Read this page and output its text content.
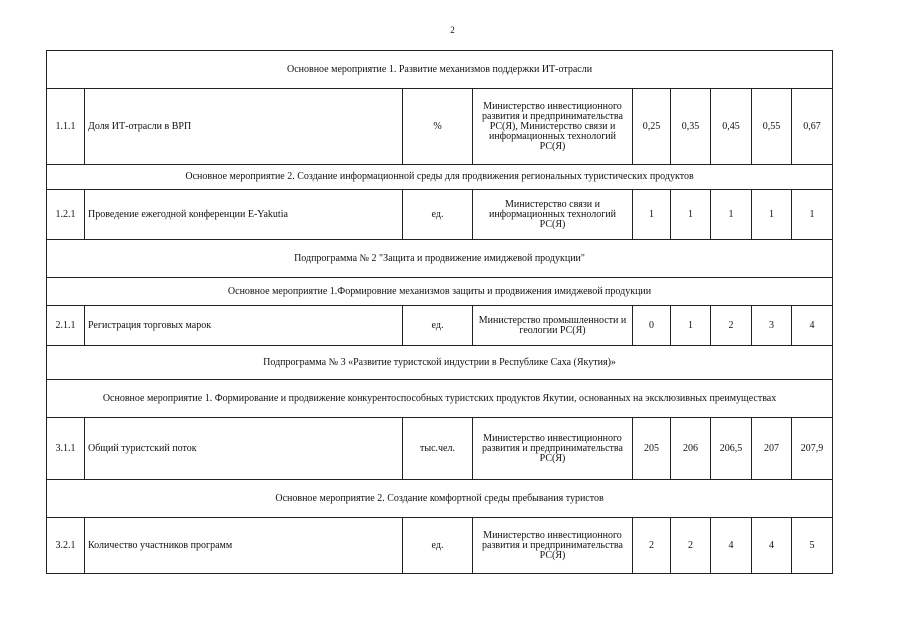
2
Основное мероприятие 1. Развитие механизмов поддержки ИТ-отрасли								
1.1.1	Доля ИТ-отрасли в ВРП	%	Министерство инвестиционного развития и предпринимательства РС(Я), Министерство связи и информационных технологий РС(Я)	0,25	0,35	0,45	0,55	0,67
Основное мероприятие 2. Создание информационной среды для продвижения региональных туристических продуктов								
1.2.1	Проведение ежегодной конференции E-Yakutia	ед.	Министерство связи и информационных технологий РС(Я)	1	1	1	1	1
Подпрограмма № 2 "Защита и продвижение имиджевой продукции"								
Основное мероприятие 1.Формировние механизмов защиты и продвижения имиджевой продукции								
2.1.1	Регистрация торговых марок	ед.	Министерство промышленности и геологии РС(Я)	0	1	2	3	4
Подпрограмма № 3 «Развитие туристской индустрии в Республике Саха (Якутия)»								
Основное мероприятие 1. Формирование и продвижение конкурентоспособных туристских продуктов Якутии, основанных на эксклюзивных преимуществах								
3.1.1	Общий туристский поток	тыс.чел.	Министерство инвестиционного развития и предпринимательства РС(Я)	205	206	206,5	207	207,9
Основное мероприятие 2. Создание комфортной среды пребывания туристов								
3.2.1	Количество участников программ	ед.	Министерство инвестиционного развития и предпринимательства РС(Я)	2	2	4	4	5
